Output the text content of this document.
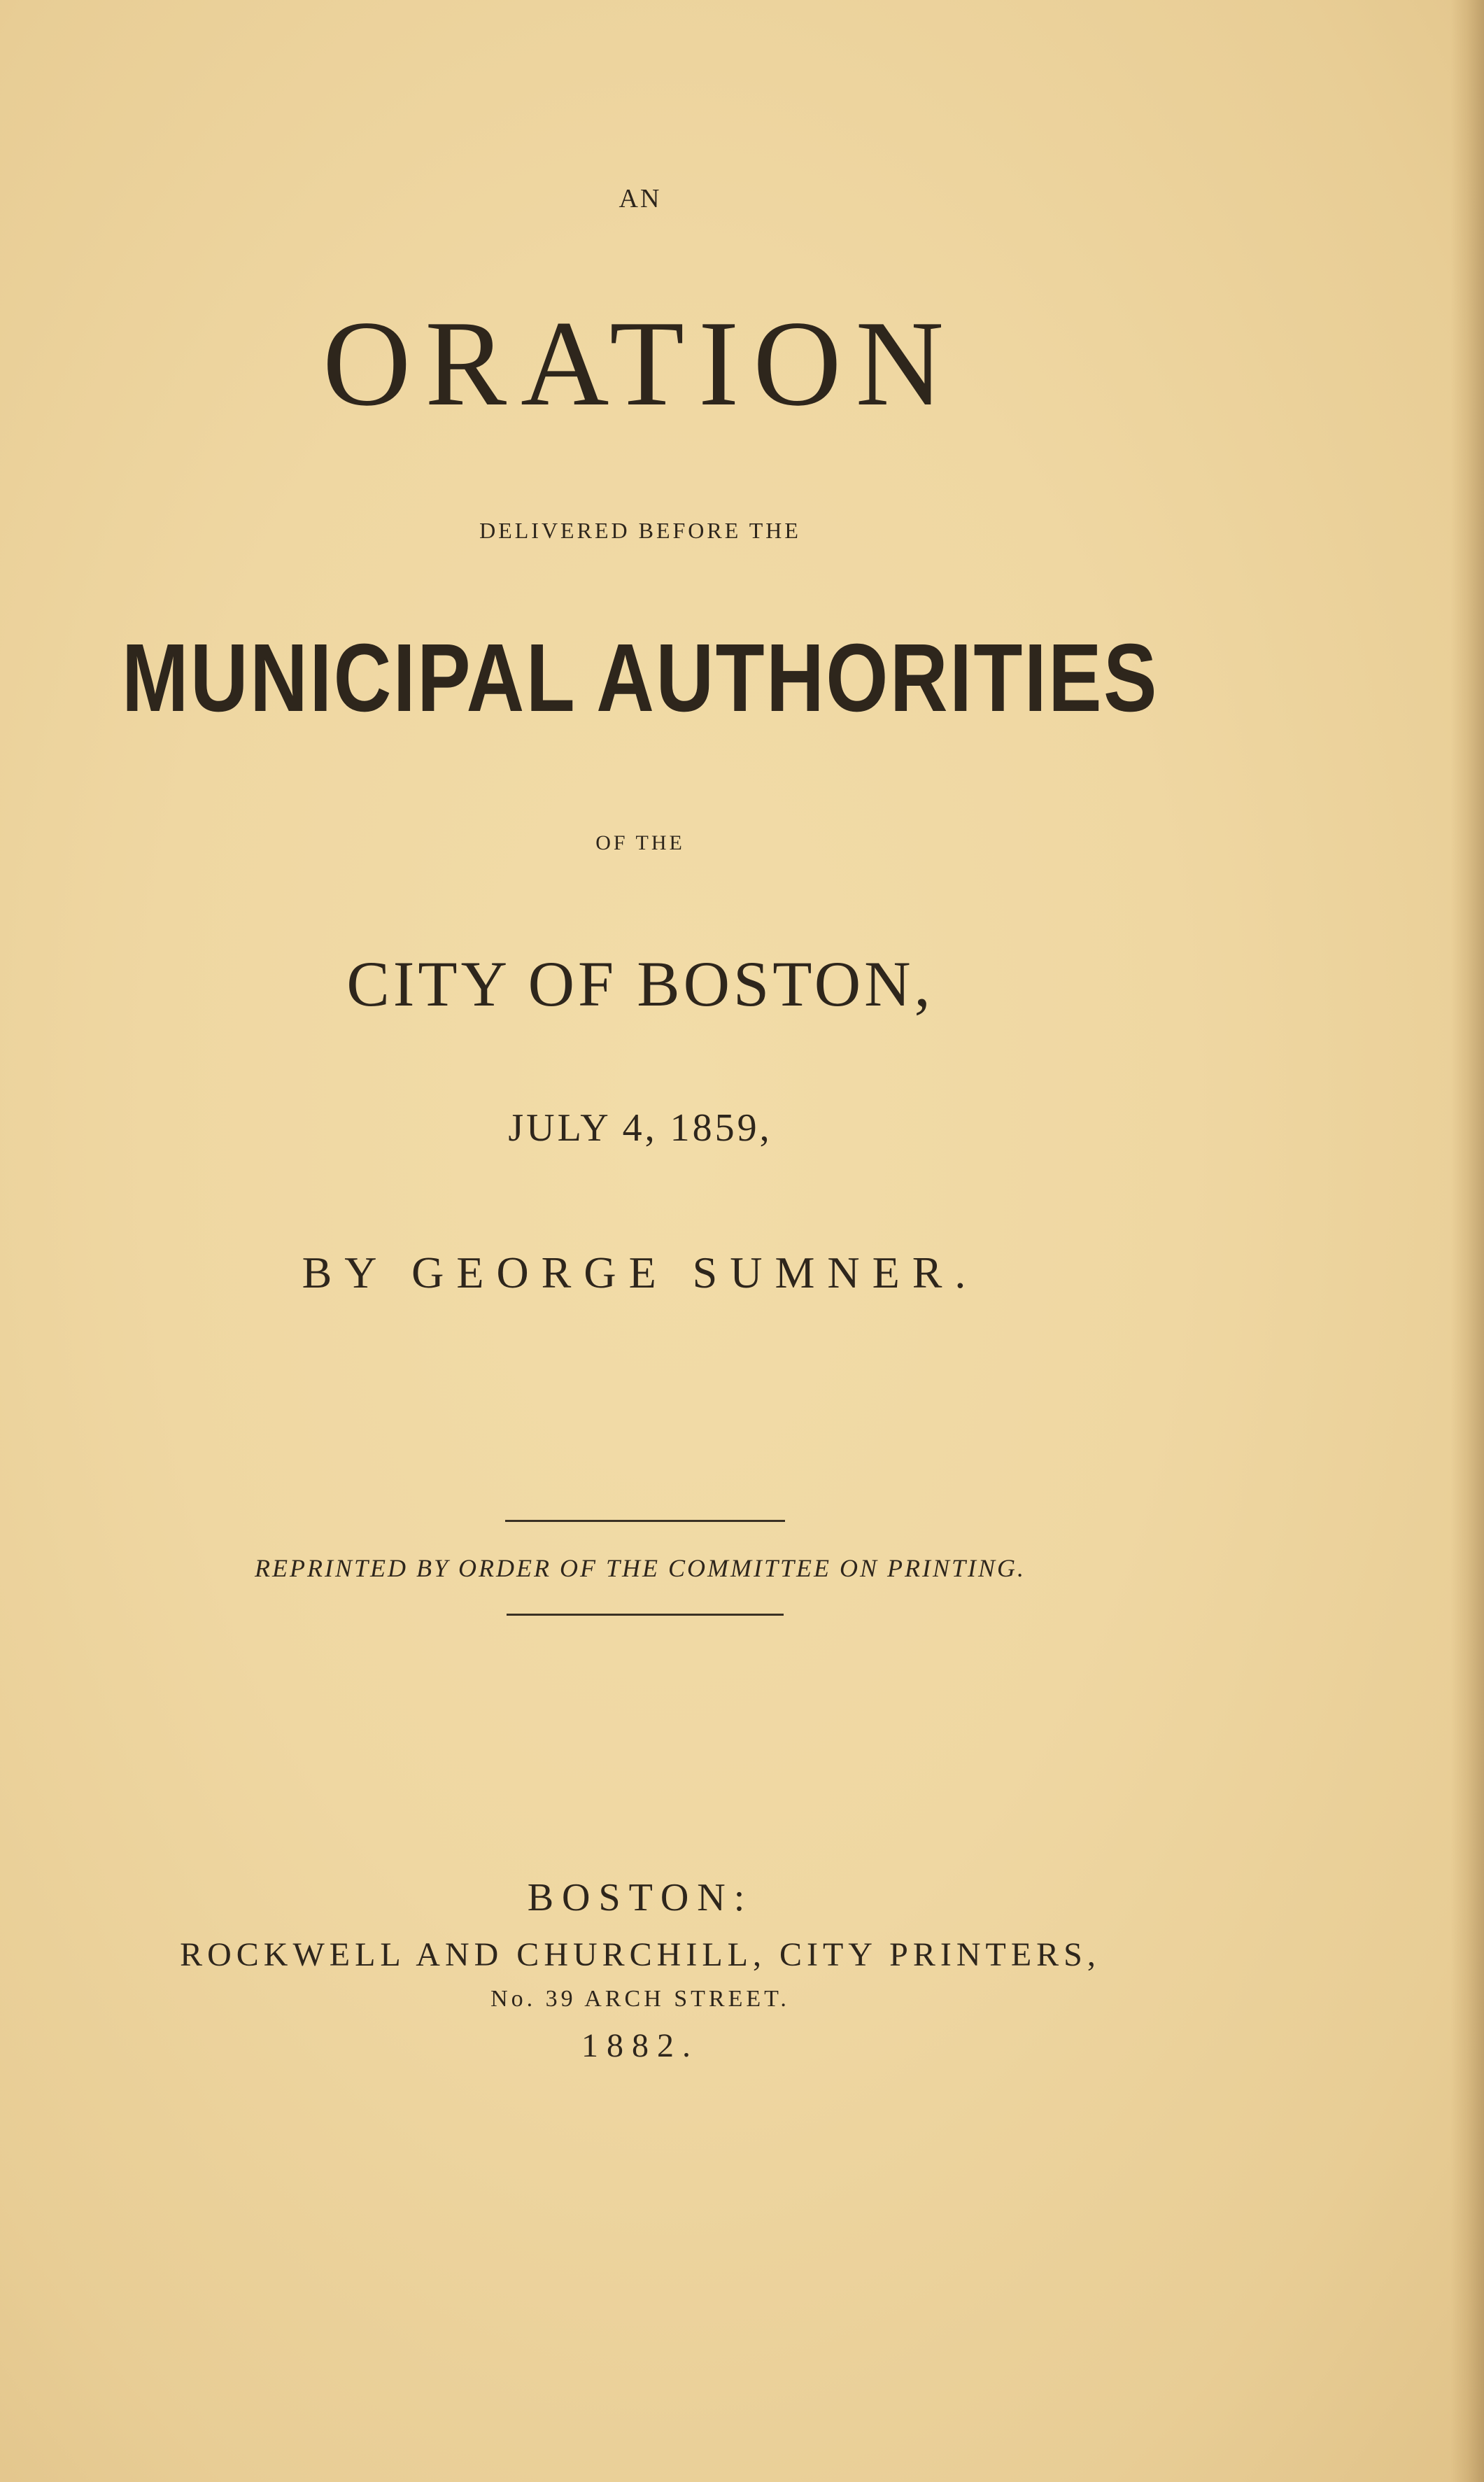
AN
ORATION
DELIVERED BEFORE THE
MUNICIPAL AUTHORITIES
OF THE
CITY OF BOSTON,
JULY 4, 1859,
BY GEORGE SUMNER.
REPRINTED BY ORDER OF THE COMMITTEE ON PRINTING.
BOSTON:
ROCKWELL AND CHURCHILL, CITY PRINTERS,
No. 39 ARCH STREET.
1882.
